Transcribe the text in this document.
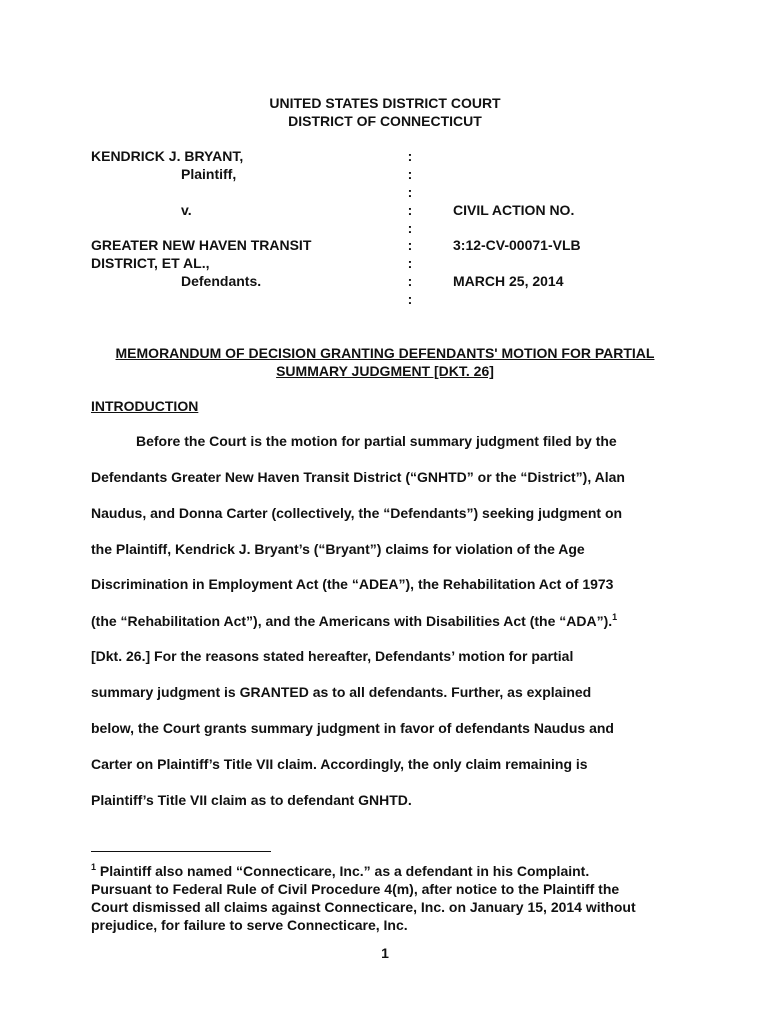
UNITED STATES DISTRICT COURT
DISTRICT OF CONNECTICUT
KENDRICK J. BRYANT,
Plaintiff,
v.
GREATER NEW HAVEN TRANSIT
DISTRICT, ET AL.,
Defendants.
:
:
:
:
:
:
:
:
:
CIVIL ACTION NO.
3:12-CV-00071-VLB
MARCH 25, 2014
MEMORANDUM OF DECISION GRANTING DEFENDANTS' MOTION FOR PARTIAL
SUMMARY JUDGMENT [DKT. 26]
INTRODUCTION
Before the Court is the motion for partial summary judgment filed by the
Defendants Greater New Haven Transit District (“GNHTD” or the “District”), Alan
Naudus, and Donna Carter (collectively, the “Defendants”) seeking judgment on
the Plaintiff, Kendrick J. Bryant’s (“Bryant”) claims for violation of the Age
Discrimination in Employment Act (the “ADEA”), the Rehabilitation Act of 1973
(the “Rehabilitation Act”), and the Americans with Disabilities Act (the “ADA”).$^1$
[Dkt. 26.] For the reasons stated hereafter, Defendants’ motion for partial
summary judgment is GRANTED as to all defendants. Further, as explained
below, the Court grants summary judgment in favor of defendants Naudus and
Carter on Plaintiff’s Title VII claim. Accordingly, the only claim remaining is
Plaintiff’s Title VII claim as to defendant GNHTD.
$^1$ Plaintiff also named “Connecticare, Inc.” as a defendant in his Complaint.
Pursuant to Federal Rule of Civil Procedure 4(m), after notice to the Plaintiff the
Court dismissed all claims against Connecticare, Inc. on January 15, 2014 without
prejudice, for failure to serve Connecticare, Inc.
1
